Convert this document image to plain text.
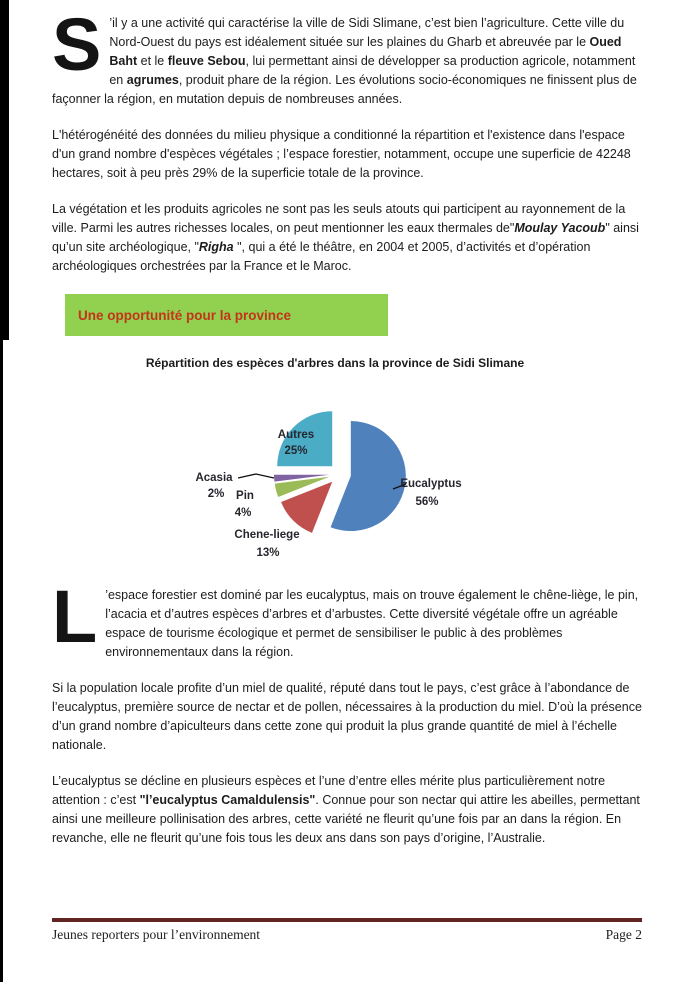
S ’il y a une activité qui caractérise la ville de Sidi Slimane, c’est bien l’agriculture. Cette ville du Nord-Ouest du pays est idéalement située sur les plaines du Gharb et abreuvée par le Oued Baht et le fleuve Sebou, lui permettant ainsi de développer sa production agricole, notamment en agrumes, produit phare de la région. Les évolutions socio-économiques ne finissent plus de façonner la région, en mutation depuis de nombreuses années.

L'hétérogénéité des données du milieu physique a conditionné la répartition et l'existence dans l'espace d'un grand nombre d'espèces végétales ; l’espace forestier, notamment, occupe une superficie de 42248 hectares, soit à peu près 29% de la superficie totale de la province.

La végétation et les produits agricoles ne sont pas les seuls atouts qui participent au rayonnement de la ville. Parmi les autres richesses locales, on peut mentionner les eaux thermales de"Moulay Yacoub" ainsi qu’un site archéologique, "Righa ", qui a été le théâtre, en 2004 et 2005, d’activités et d’opération archéologiques orchestrées par la France et le Maroc.

Une opportunité pour la province
Répartition des espèces d'arbres dans la province de Sidi Slimane
Eucalyptus
56%
Chene-liege
13%
Pin
4%
Acasia
2%
Autres
25%

L ’espace forestier est dominé par les eucalyptus, mais on trouve également le chêne-liège, le pin, l’acacia et d’autres espèces d’arbres et d’arbustes. Cette diversité végétale offre un agréable espace de tourisme écologique et permet de sensibiliser le public à des problèmes environnementaux dans la région.

Si la population locale profite d’un miel de qualité, réputé dans tout le pays, c’est grâce à l’abondance de l’eucalyptus, première source de nectar et de pollen, nécessaires à la production du miel. D’où la présence d’un grand nombre d’apiculteurs dans cette zone qui produit la plus grande quantité de miel à l’échelle nationale.

L’eucalyptus se décline en plusieurs espèces et l’une d’entre elles mérite plus particulièrement notre attention : c’est "l’eucalyptus Camaldulensis". Connue pour son nectar qui attire les abeilles, permettant ainsi une meilleure pollinisation des arbres, cette variété ne fleurit qu’une fois par an dans la région. En revanche, elle ne fleurit qu’une fois tous les deux ans dans son pays d’origine, l’Australie.

Jeunes reporters pour l’environnement	Page 2
